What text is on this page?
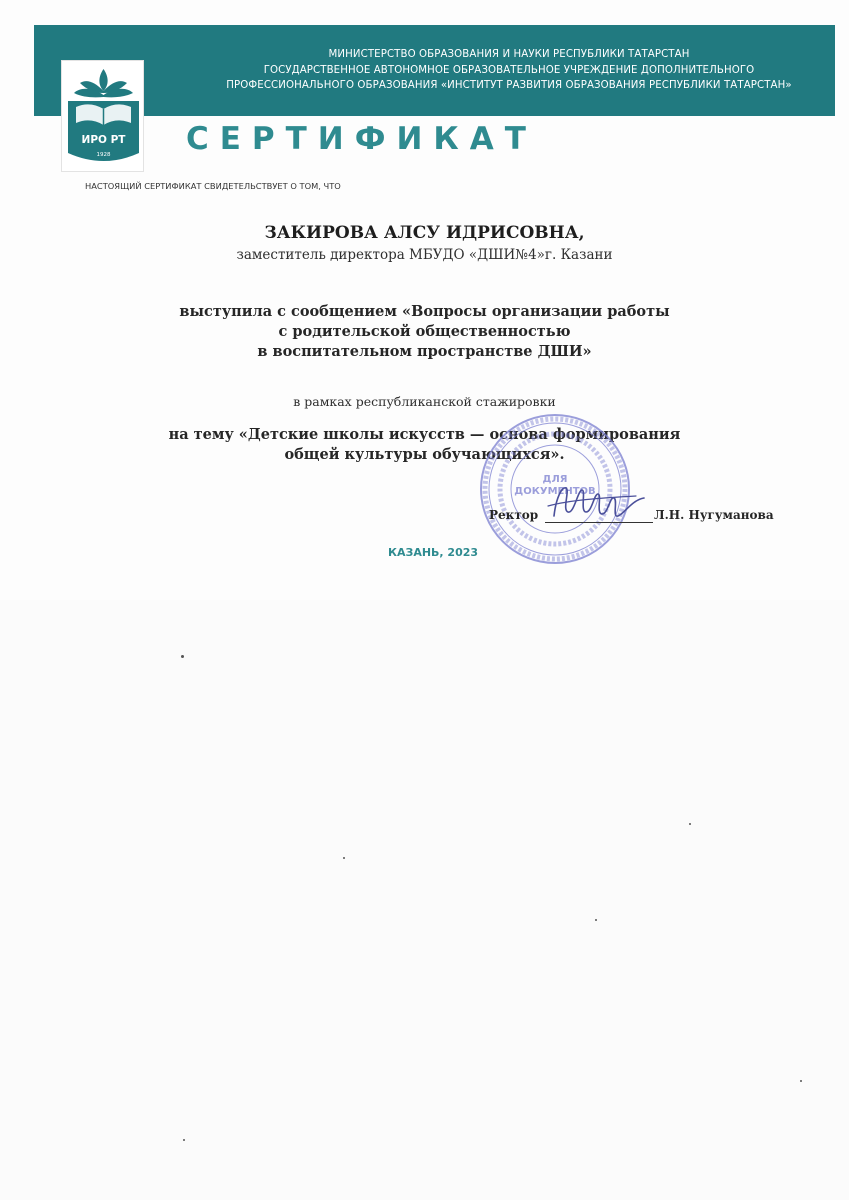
МИНИСТЕРСТВО ОБРАЗОВАНИЯ И НАУКИ РЕСПУБЛИКИ ТАТАРСТАН
ГОСУДАРСТВЕННОЕ АВТОНОМНОЕ ОБРАЗОВАТЕЛЬНОЕ УЧРЕЖДЕНИЕ ДОПОЛНИТЕЛЬНОГО
ПРОФЕССИОНАЛЬНОГО ОБРАЗОВАНИЯ «ИНСТИТУТ РАЗВИТИЯ ОБРАЗОВАНИЯ РЕСПУБЛИКИ ТАТАРСТАН»
ИРО РТ
1928	СЕРТИФИКАТ
НАСТОЯЩИЙ СЕРТИФИКАТ СВИДЕТЕЛЬСТВУЕТ О ТОМ, ЧТО
ЗАКИРОВА АЛСУ ИДРИСОВНА,
заместитель директора МБУДО «ДШИ№4»г. Казани
выступила с сообщением «Вопросы организации работы
с родительской общественностью
в воспитательном пространстве ДШИ»
в рамках республиканской стажировки
на тему «Детские школы искусств — основа формирования
общей культуры обучающихся».
ДЛЯ
ДОКУМЕНТОВ
Ректор	Л.Н. Нугуманова
КАЗАНЬ, 2023
